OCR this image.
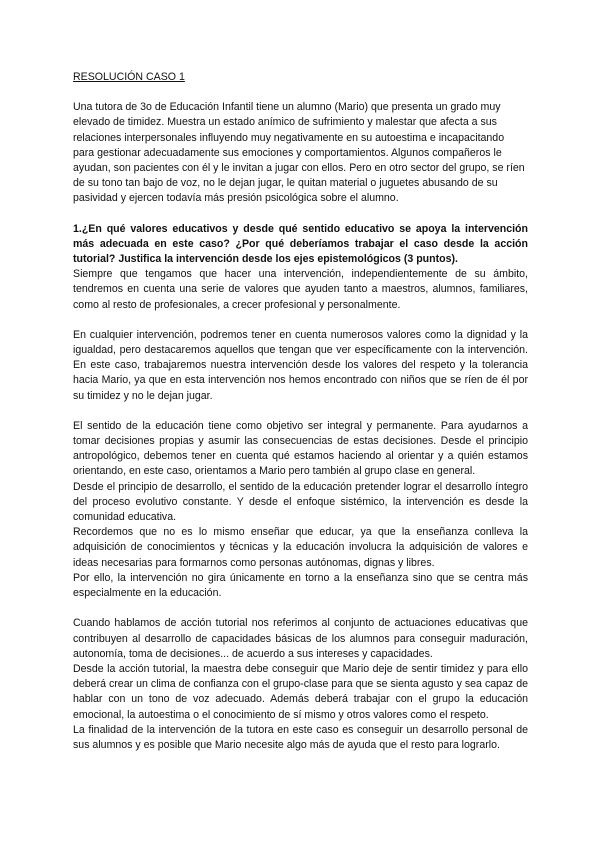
RESOLUCIÓN CASO 1

Una tutora de 3o de Educación Infantil tiene un alumno (Mario) que presenta un grado muy elevado de timidez. Muestra un estado anímico de sufrimiento y malestar que afecta a sus relaciones interpersonales influyendo muy negativamente en su autoestima e incapacitando para gestionar adecuadamente sus emociones y comportamientos. Algunos compañeros le ayudan, son pacientes con él y le invitan a jugar con ellos. Pero en otro sector del grupo, se ríen de su tono tan bajo de voz, no le dejan jugar, le quitan material o juguetes abusando de su pasividad y ejercen todavía más presión psicológica sobre el alumno.

1.¿En qué valores educativos y desde qué sentido educativo se apoya la intervención más adecuada en este caso? ¿Por qué deberíamos trabajar el caso desde la acción tutorial? Justifica la intervención desde los ejes epistemológicos (3 puntos).

Siempre que tengamos que hacer una intervención, independientemente de su ámbito, tendremos en cuenta una serie de valores que ayuden tanto a maestros, alumnos, familiares, como al resto de profesionales, a crecer profesional y personalmente.

En cualquier intervención, podremos tener en cuenta numerosos valores como la dignidad y la igualdad, pero destacaremos aquellos que tengan que ver específicamente con la intervención. En este caso, trabajaremos nuestra intervención desde los valores del respeto y la tolerancia hacia Mario, ya que en esta intervención nos hemos encontrado con niños que se ríen de él por su timidez y no le dejan jugar.

El sentido de la educación tiene como objetivo ser integral y permanente. Para ayudarnos a tomar decisiones propias y asumir las consecuencias de estas decisiones. Desde el principio antropológico, debemos tener en cuenta qué estamos haciendo al orientar y a quién estamos orientando, en este caso, orientamos a Mario pero también al grupo clase en general.

Desde el principio de desarrollo, el sentido de la educación pretender lograr el desarrollo íntegro del proceso evolutivo constante. Y desde el enfoque sistémico, la intervención es desde la comunidad educativa.

Recordemos que no es lo mismo enseñar que educar, ya que la enseñanza conlleva la adquisición de conocimientos y técnicas y la educación involucra la adquisición de valores e ideas necesarias para formarnos como personas autónomas, dignas y libres.

Por ello, la intervención no gira únicamente en torno a la enseñanza sino que se centra más especialmente en la educación.

Cuando hablamos de acción tutorial nos referimos al conjunto de actuaciones educativas que contribuyen al desarrollo de capacidades básicas de los alumnos para conseguir maduración, autonomía, toma de decisiones... de acuerdo a sus intereses y capacidades.

Desde la acción tutorial, la maestra debe conseguir que Mario deje de sentir timidez y para ello deberá crear un clima de confianza con el grupo-clase para que se sienta agusto y sea capaz de hablar con un tono de voz adecuado. Además deberá trabajar con el grupo la educación emocional, la autoestima o el conocimiento de sí mismo y otros valores como el respeto.

La finalidad de la intervención de la tutora en este caso es conseguir un desarrollo personal de sus alumnos y es posible que Mario necesite algo más de ayuda que el resto para lograrlo.
